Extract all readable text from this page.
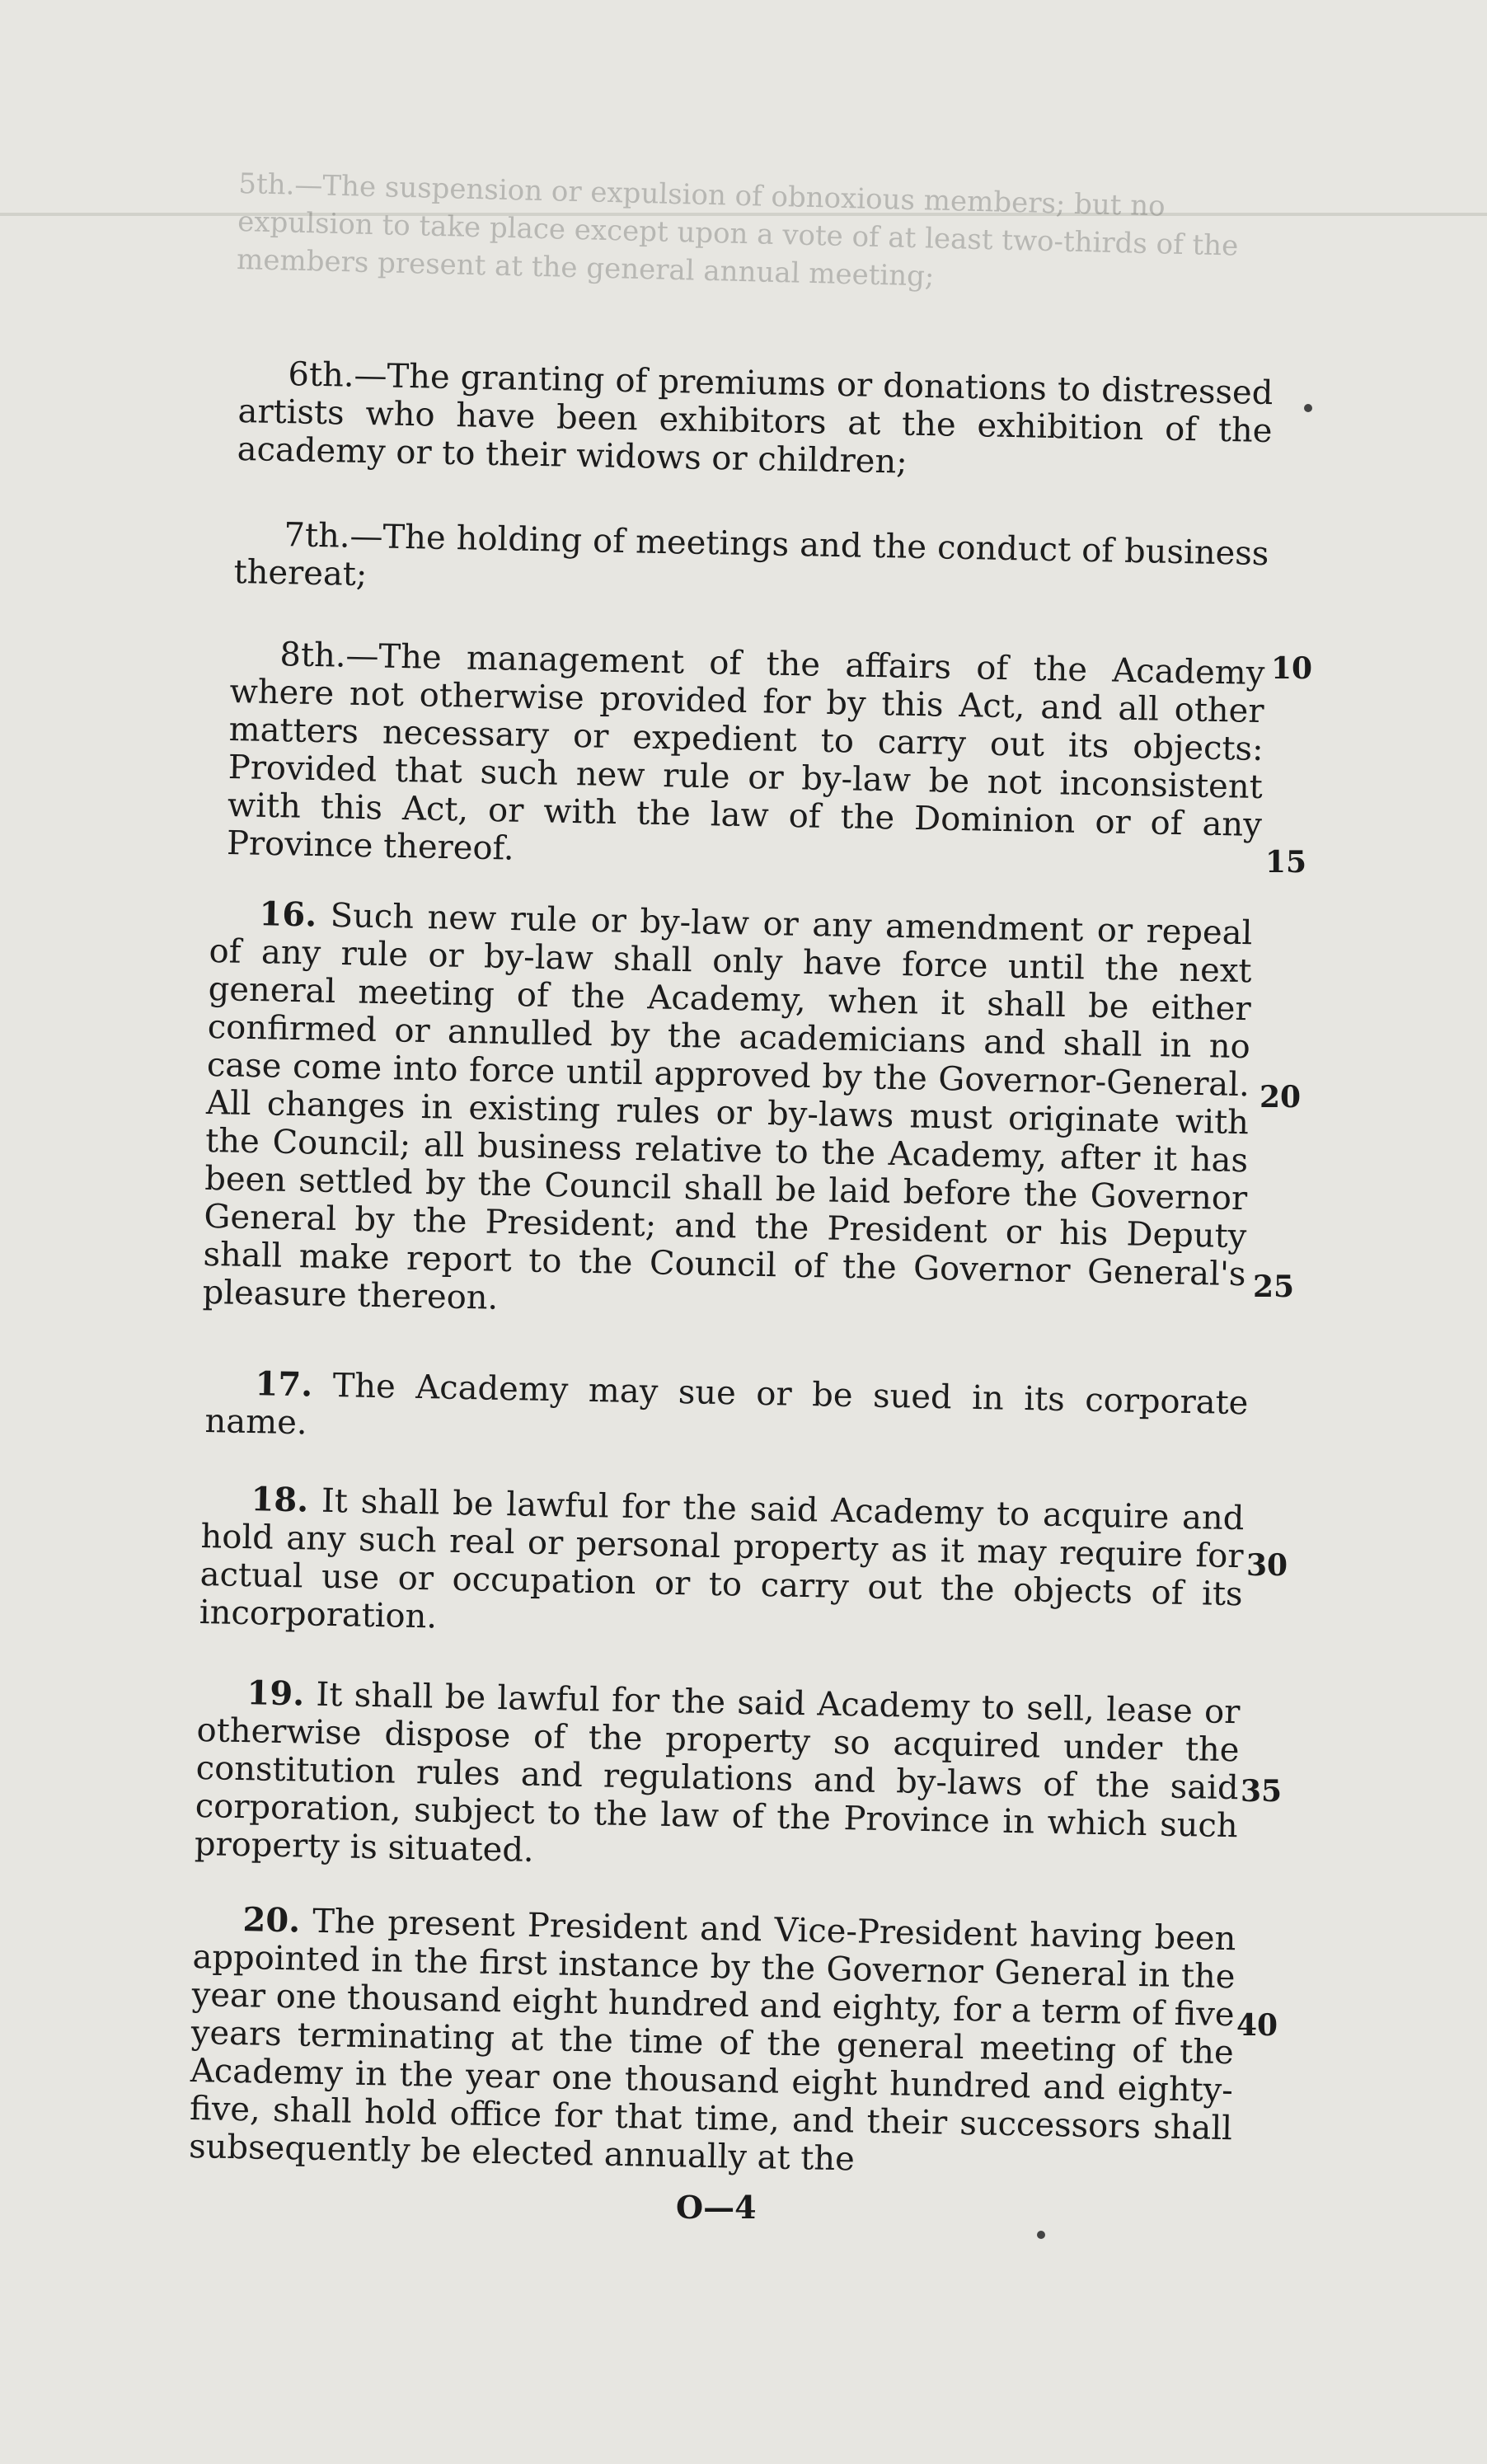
5th.—The suspension or expulsion of obnoxious members; but no expulsion to take place except upon a vote of at least two-thirds of the members present at the general annual meeting;
6th.—The granting of premiums or donations to distressed artists who have been exhibitors at the exhibition of the academy or to their widows or children;
7th.—The holding of meetings and the conduct of business thereat;
8th.—The management of the affairs of the Academy where not otherwise provided for by this Act, and all other matters necessary or expedient to carry out its objects: Provided that such new rule or by-law be not inconsistent with this Act, or with the law of the Dominion or of any Province thereof.
16. Such new rule or by-law or any amendment or repeal of any rule or by-law shall only have force until the next general meeting of the Academy, when it shall be either confirmed or annulled by the academicians and shall in no case come into force until approved by the Governor-General. All changes in existing rules or by-laws must originate with the Council; all business relative to the Academy, after it has been settled by the Council shall be laid before the Governor General by the President; and the President or his Deputy shall make report to the Council of the Governor General's pleasure thereon.
17. The Academy may sue or be sued in its corporate name.
18. It shall be lawful for the said Academy to acquire and hold any such real or personal property as it may require for actual use or occupation or to carry out the objects of its incorporation.
19. It shall be lawful for the said Academy to sell, lease or otherwise dispose of the property so acquired under the constitution rules and regulations and by-laws of the said corporation, subject to the law of the Province in which such property is situated.
20. The present President and Vice-President having been appointed in the first instance by the Governor General in the year one thousand eight hundred and eighty, for a term of five years terminating at the time of the general meeting of the Academy in the year one thousand eight hundred and eighty-five, shall hold office for that time, and their successors shall subsequently be elected annually at the
10
15
20
25
30
35
40
O—4
